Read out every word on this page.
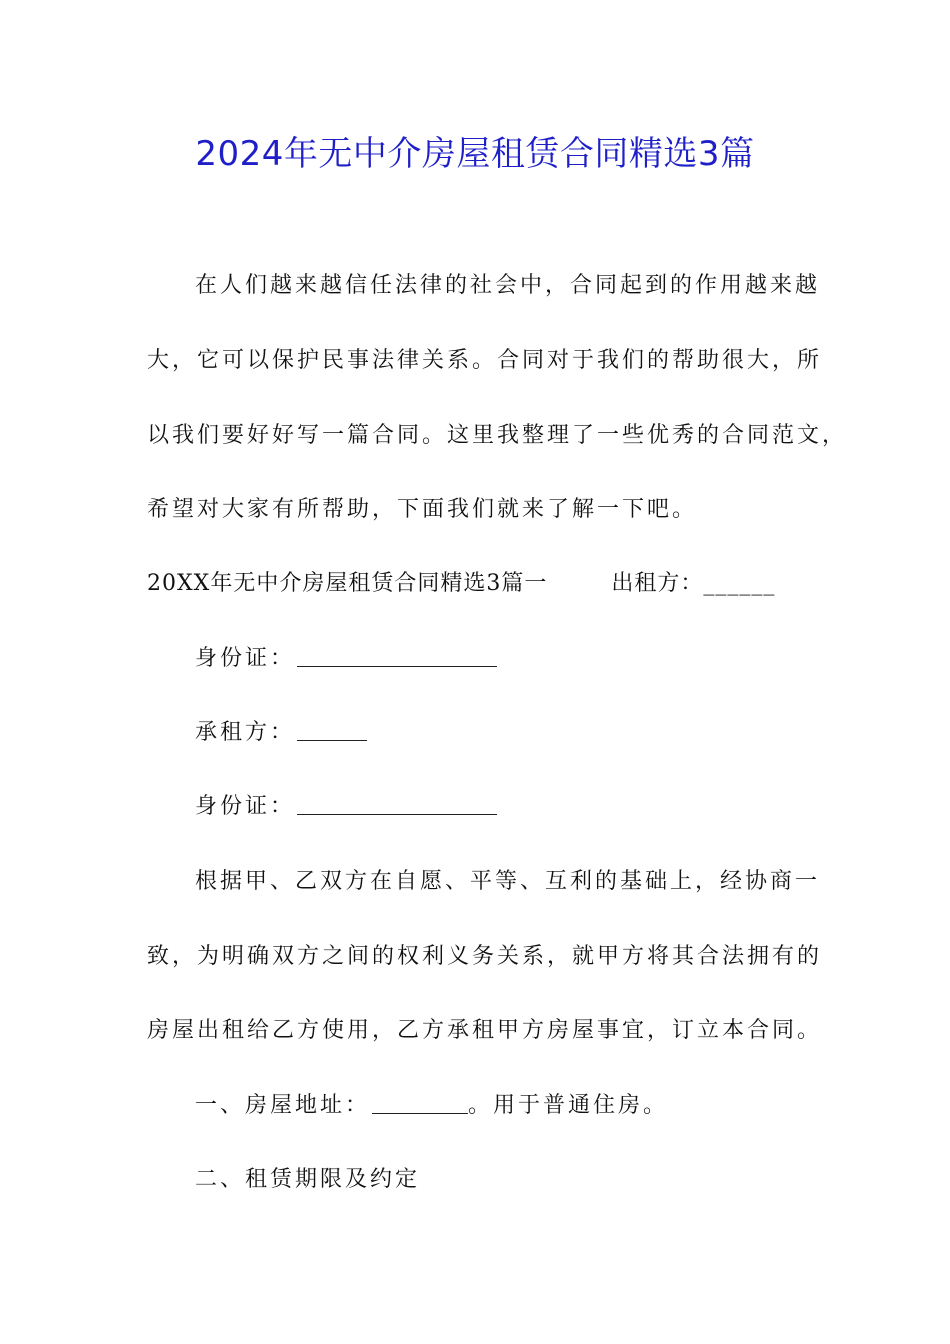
2024年无中介房屋租赁合同精选3篇
在人们越来越信任法律的社会中，合同起到的作用越来越
大，它可以保护民事法律关系。合同对于我们的帮助很大，所
以我们要好好写一篇合同。这里我整理了一些优秀的合同范文，
希望对大家有所帮助，下面我们就来了解一下吧。
20XX年无中介房屋租赁合同精选3篇一	出租方：______
身份证：
承租方：
身份证：
根据甲、乙双方在自愿、平等、互利的基础上，经协商一
致，为明确双方之间的权利义务关系，就甲方将其合法拥有的
房屋出租给乙方使用，乙方承租甲方房屋事宜，订立本合同。
一、房屋地址：	。用于普通住房。
二、租赁期限及约定
